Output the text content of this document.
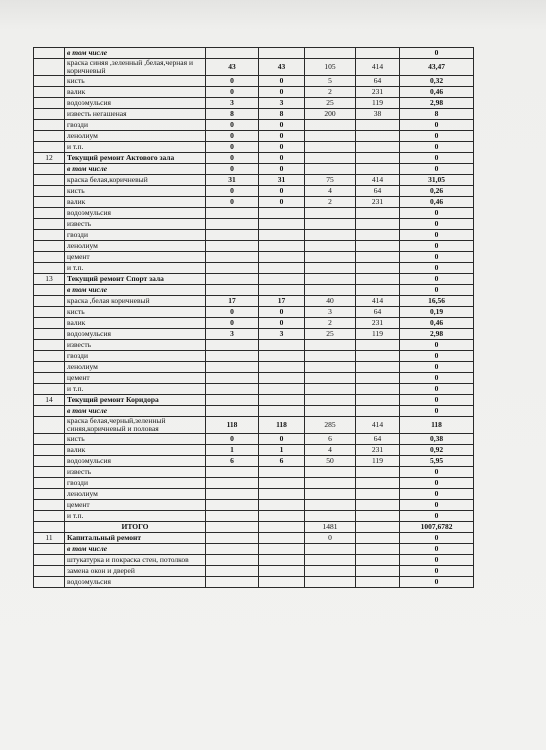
	в том числе					0
	краска синяя ,зеленный ,белая,черная и коричневый	43	43	105	414	43,47
	кисть	0	0	5	64	0,32
	валик	0	0	2	231	0,46
	водоэмульсия	3	3	25	119	2,98
	известь негашеная	8	8	200	38	8
	гвозди	0	0			0
	ленолиум	0	0			0
	и т.п.	0	0			0
12	Текущий ремонт Актового зала	0	0			0
	в том числе	0	0			0
	краска белая,коричневый	31	31	75	414	31,05
	кисть	0	0	4	64	0,26
	валик	0	0	2	231	0,46
	водоэмульсия					0
	известь					0
	гвозди					0
	ленолиум					0
	цемент					0
	и т.п.					0
13	Текущий ремонт Спорт зала					0
	в том числе					0
	краска ,белая коричневый	17	17	40	414	16,56
	кисть	0	0	3	64	0,19
	валик	0	0	2	231	0,46
	водоэмульсия	3	3	25	119	2,98
	известь					0
	гвозди					0
	ленолиум					0
	цемент					0
	и т.п.					0
14	Текущий ремонт Коридора					0
	в том числе					0
	краска белая,черный,зеленный синяя,коричневый и половая	118	118	285	414	118
	кисть	0	0	6	64	0,38
	валик	1	1	4	231	0,92
	водоэмульсия	6	6	50	119	5,95
	известь					0
	гвозди					0
	ленолиум					0
	цемент					0
	и т.п.					0
	ИТОГО			1481		1007,6782
11	Капитальный ремонт			0		0
	в том числе					0
	штукатурка и покраска стен, потолков					0
	замена окон и дверей					0
	водоэмульсия					0
